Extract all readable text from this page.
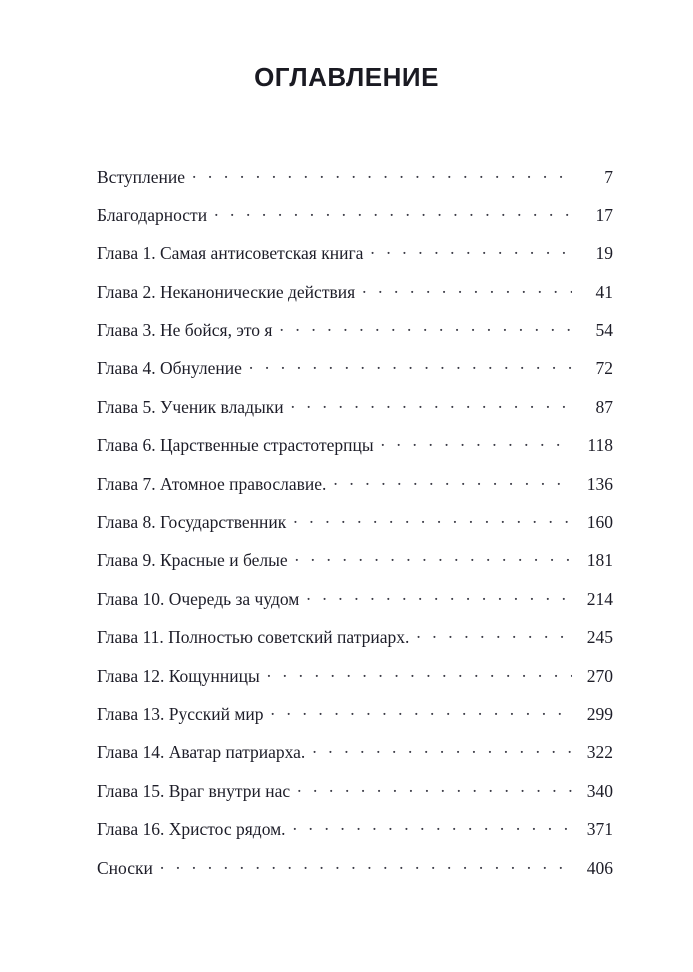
ОГЛАВЛЕНИЕ
Вступление . . .	7
Благодарности . . .	17
Глава 1. Самая антисоветская книга . . .	19
Глава 2. Неканонические действия . . .	41
Глава 3. Не бойся, это я . . .	54
Глава 4. Обнуление . . .	72
Глава 5. Ученик владыки . . .	87
Глава 6. Царственные страстотерпцы . . .	118
Глава 7. Атомное православие. . . .	136
Глава 8. Государственник . . .	160
Глава 9. Красные и белые . . .	181
Глава 10. Очередь за чудом . . .	214
Глава 11. Полностью советский патриарх. . . .	245
Глава 12. Кощунницы . . .	270
Глава 13. Русский мир . . .	299
Глава 14. Аватар патриарха. . . .	322
Глава 15. Враг внутри нас . . .	340
Глава 16. Христос рядом. . . .	371
Сноски . . .	406
